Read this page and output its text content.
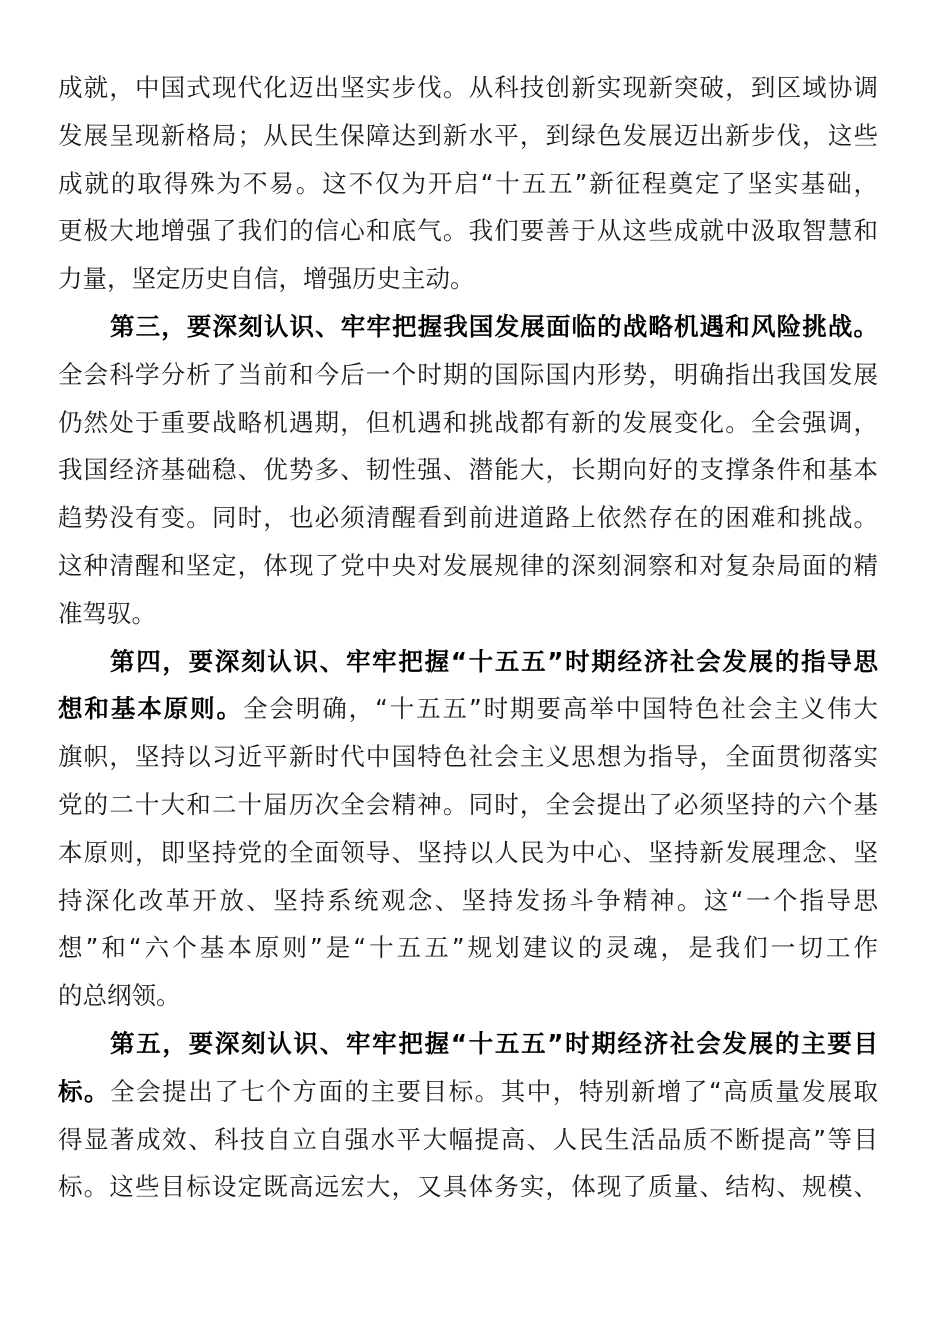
成就，中国式现代化迈出坚实步伐。从科技创新实现新突破，到区域协调
发展呈现新格局；从民生保障达到新水平，到绿色发展迈出新步伐，这些
成就的取得殊为不易。这不仅为开启“十五五”新征程奠定了坚实基础，
更极大地增强了我们的信心和底气。我们要善于从这些成就中汲取智慧和
力量，坚定历史自信，增强历史主动。
第三，要深刻认识、牢牢把握我国发展面临的战略机遇和风险挑战。
全会科学分析了当前和今后一个时期的国际国内形势，明确指出我国发展
仍然处于重要战略机遇期，但机遇和挑战都有新的发展变化。全会强调，
我国经济基础稳、优势多、韧性强、潜能大，长期向好的支撑条件和基本
趋势没有变。同时，也必须清醒看到前进道路上依然存在的困难和挑战。
这种清醒和坚定，体现了党中央对发展规律的深刻洞察和对复杂局面的精
准驾驭。
第四，要深刻认识、牢牢把握“十五五”时期经济社会发展的指导思
想和基本原则。全会明确，“十五五”时期要高举中国特色社会主义伟大
旗帜，坚持以习近平新时代中国特色社会主义思想为指导，全面贯彻落实
党的二十大和二十届历次全会精神。同时，全会提出了必须坚持的六个基
本原则，即坚持党的全面领导、坚持以人民为中心、坚持新发展理念、坚
持深化改革开放、坚持系统观念、坚持发扬斗争精神。这“一个指导思
想”和“六个基本原则”是“十五五”规划建议的灵魂，是我们一切工作
的总纲领。
第五，要深刻认识、牢牢把握“十五五”时期经济社会发展的主要目
标。全会提出了七个方面的主要目标。其中，特别新增了“高质量发展取
得显著成效、科技自立自强水平大幅提高、人民生活品质不断提高”等目
标。这些目标设定既高远宏大，又具体务实，体现了质量、结构、规模、
